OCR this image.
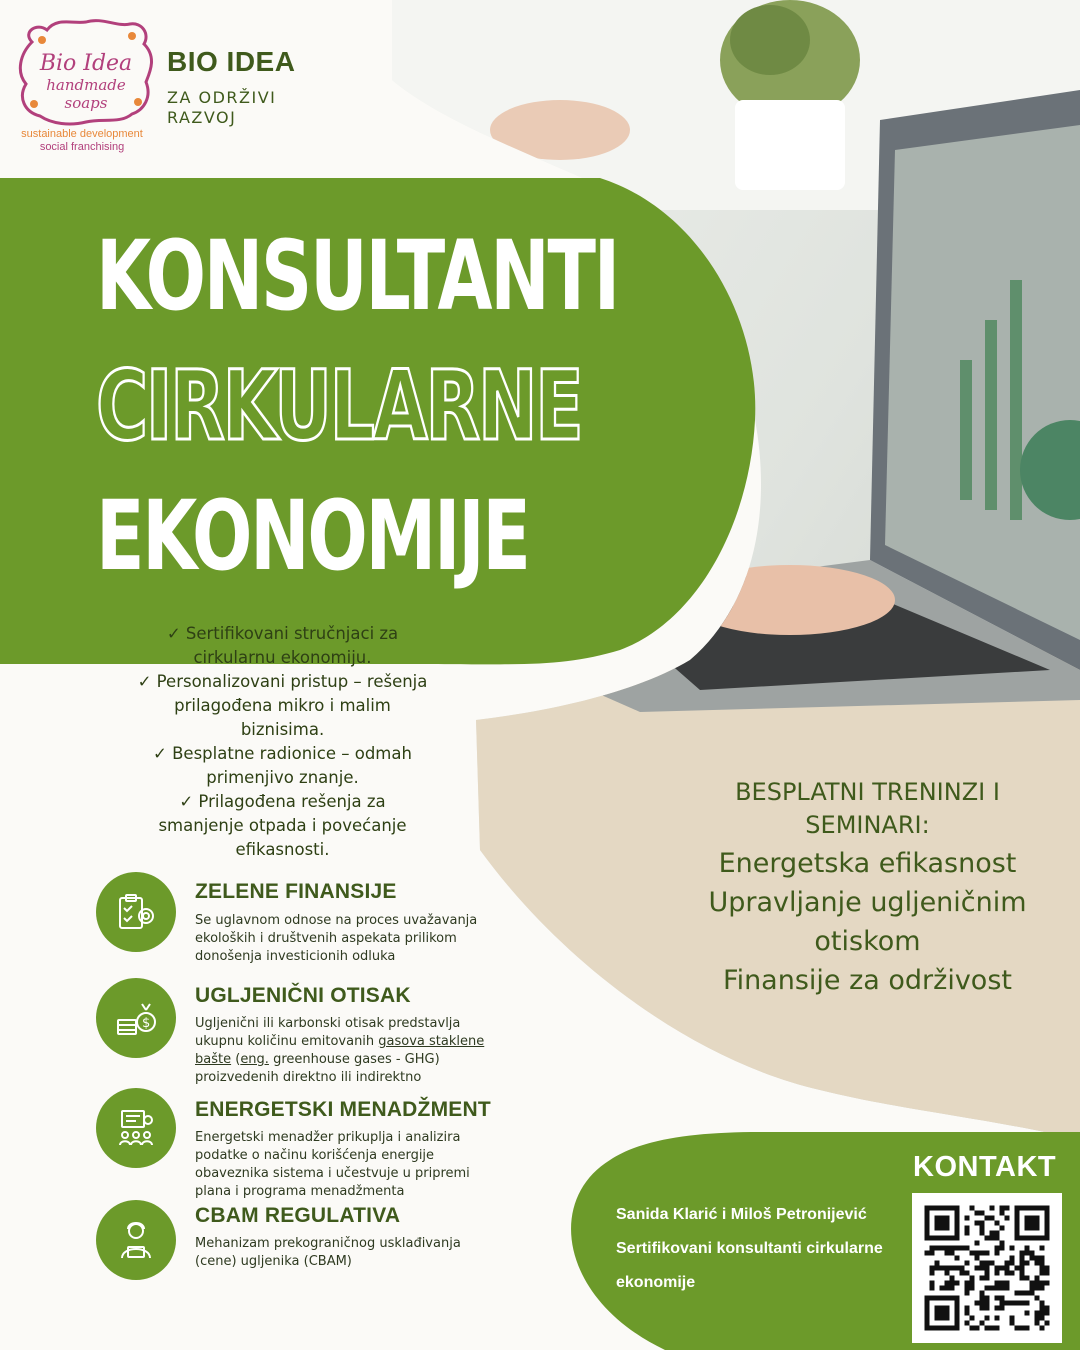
Bio Idea
handmade
soaps
sustainable development
social franchising
BIO IDEA
ZA ODRŽIVI RAZVOJ
KONSULTANTI
CIRKULARNE
EKONOMIJE
✓ Sertifikovani stručnjaci za cirkularnu ekonomiju.
✓ Personalizovani pristup – rešenja prilagođena mikro i malim biznisima.
✓ Besplatne radionice – odmah primenjivo znanje.
✓ Prilagođena rešenja za smanjenje otpada i povećanje efikasnosti.
ZELENE FINANSIJE
Se uglavnom odnose na proces uvažavanja ekoloških i društvenih aspekata prilikom donošenja investicionih odluka
$
UGLJENIČNI OTISAK
Ugljenični ili karbonski otisak predstavlja ukupnu količinu emitovanih gasova staklene bašte (eng. greenhouse gases - GHG) proizvedenih direktno ili indirektno
ENERGETSKI MENADŽMENT
Energetski menadžer prikuplja i analizira podatke o načinu korišćenja energije obaveznika sistema i učestvuje u pripremi plana i programa menadžmenta
CBAM REGULATIVA
Mehanizam prekograničnog usklađivanja (cene) ugljenika (CBAM)
BESPLATNI TRENINZI I SEMINARI:
Energetska efikasnost
Upravljanje ugljeničnim otiskom
Finansije za održivost
KONTAKT
Sanida Klarić i Miloš Petronijević
Sertifikovani konsultanti cirkularne ekonomije
